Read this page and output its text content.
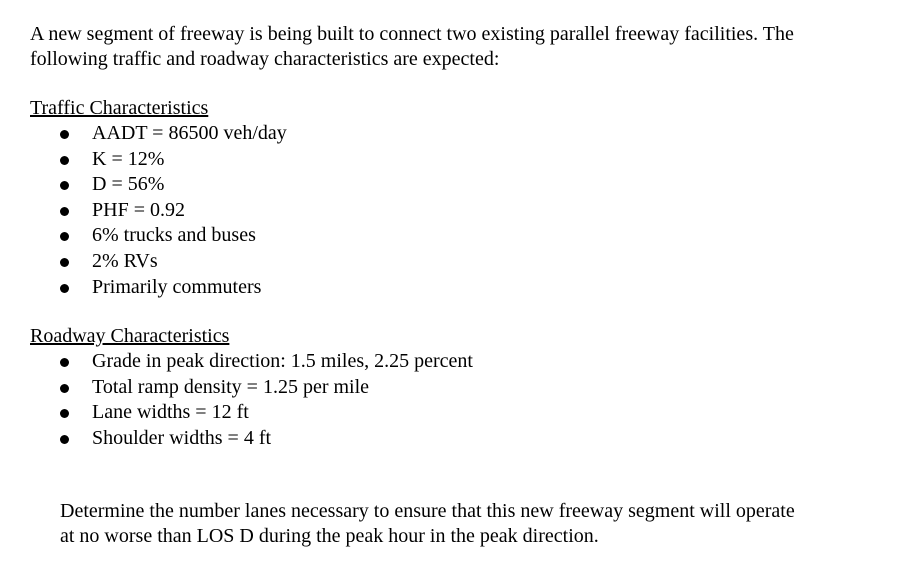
A new segment of freeway is being built to connect two existing parallel freeway facilities. The
following traffic and roadway characteristics are expected:

Traffic Characteristics
AADT = 86500 veh/day
K = 12%
D = 56%
PHF = 0.92
6% trucks and buses
2% RVs
Primarily commuters
Roadway Characteristics
Grade in peak direction: 1.5 miles, 2.25 percent
Total ramp density = 1.25 per mile
Lane widths = 12 ft
Shoulder widths = 4 ft

Determine the number lanes necessary to ensure that this new freeway segment will operate
at no worse than LOS D during the peak hour in the peak direction.
